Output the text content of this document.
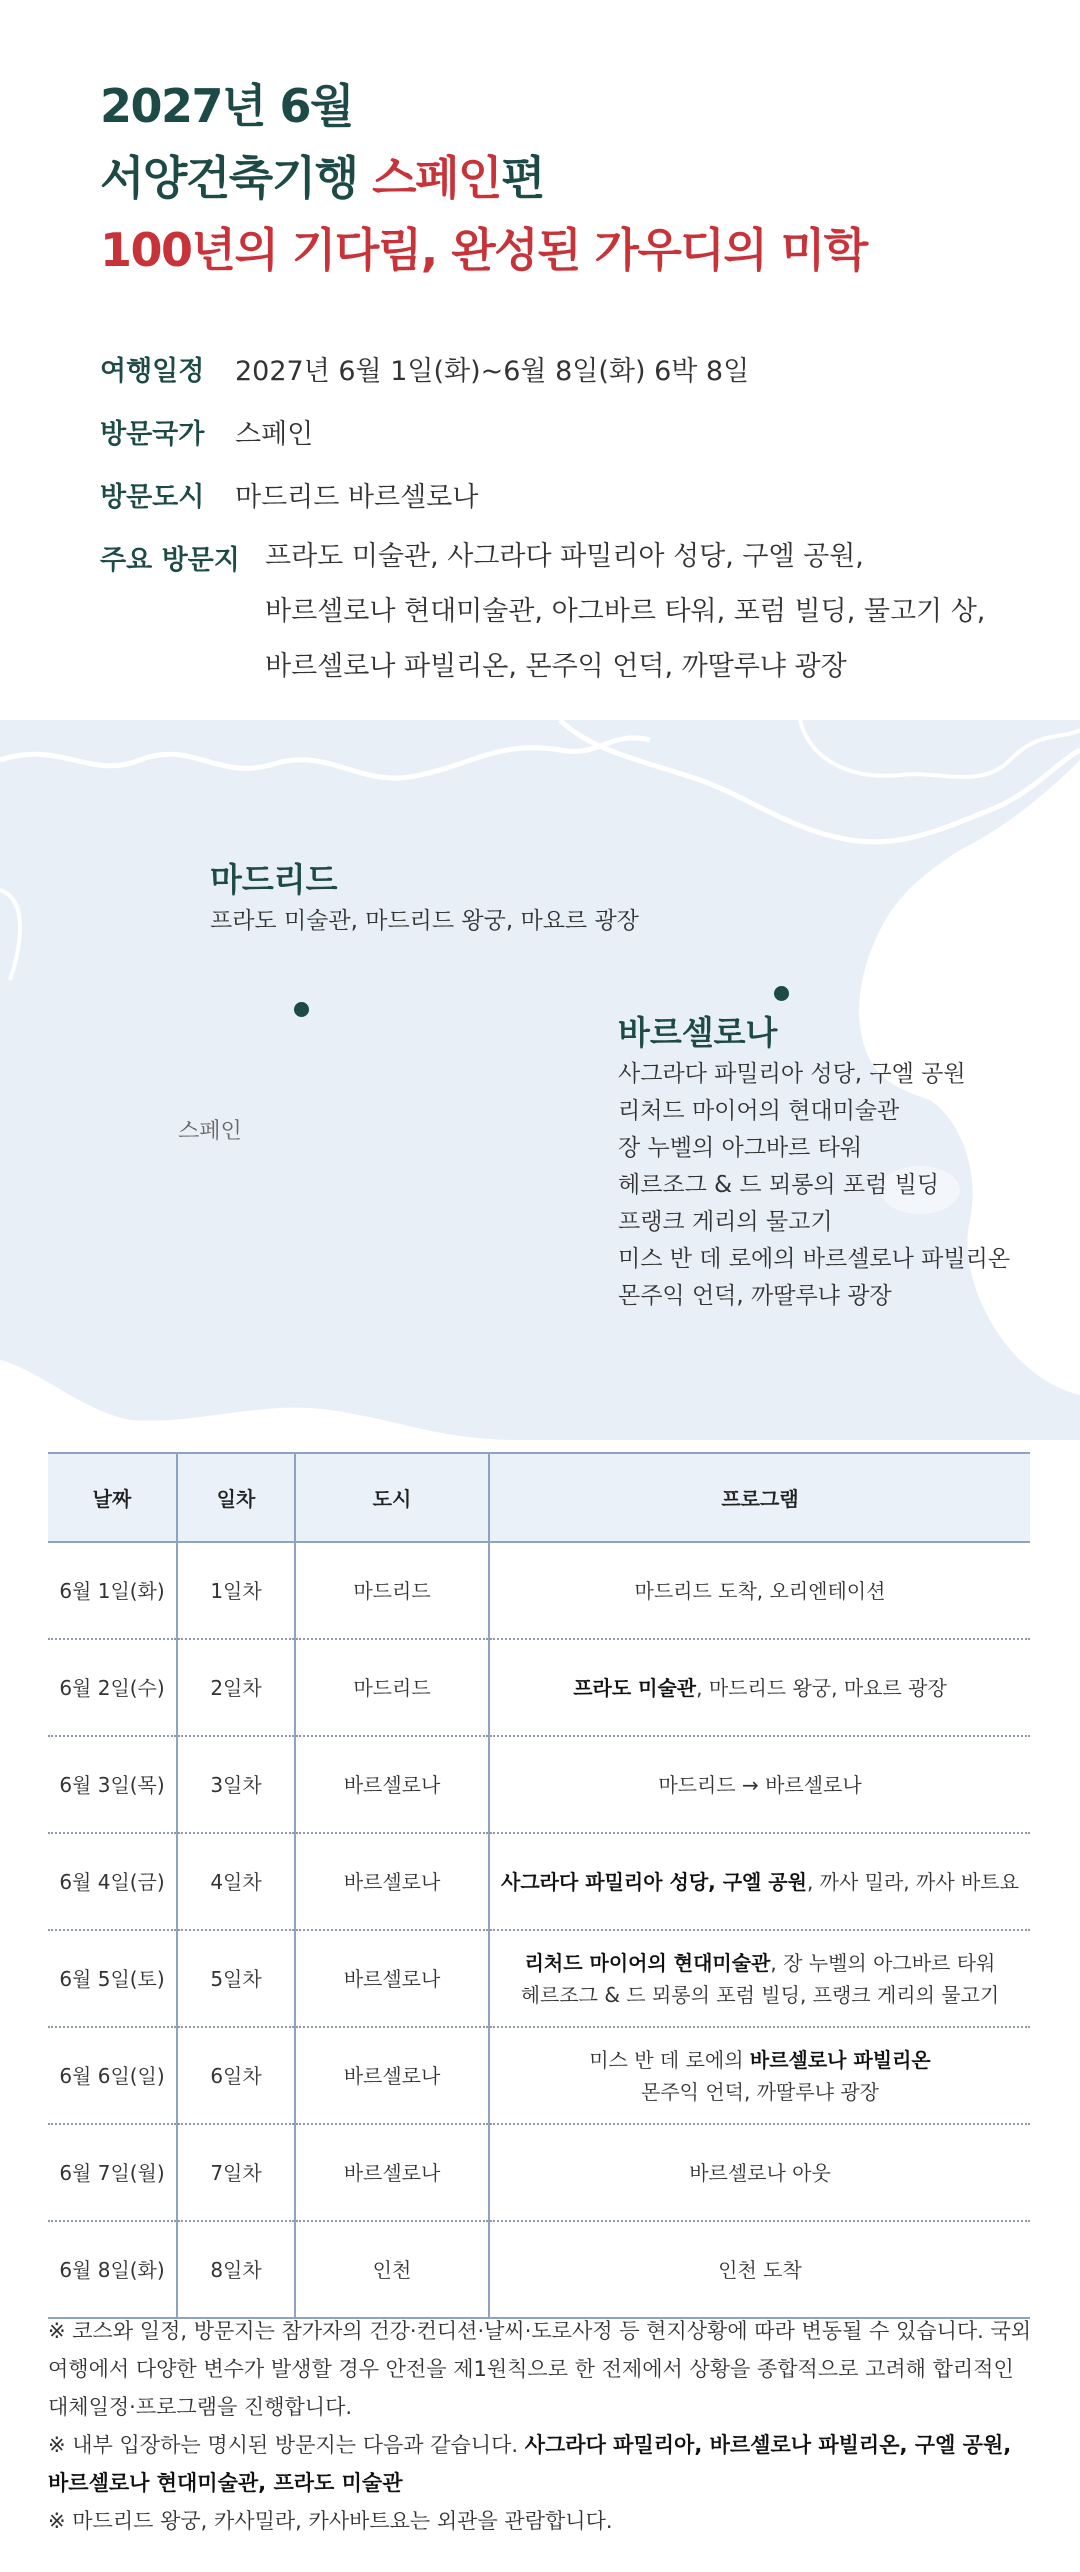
2027년 6월
서양건축기행 스페인편
100년의 기다림, 완성된 가우디의 미학
여행일정	2027년 6월 1일(화)~6월 8일(화) 6박 8일
방문국가	스페인
방문도시	마드리드 바르셀로나
주요 방문지 프라도 미술관, 사그라다 파밀리아 성당, 구엘 공원,
바르셀로나 현대미술관, 아그바르 타워, 포럼 빌딩, 물고기 상,
바르셀로나 파빌리온, 몬주익 언덕, 까딸루냐 광장
마드리드
프라도 미술관, 마드리드 왕궁, 마요르 광장
바르셀로나
사그라다 파밀리아 성당, 구엘 공원
리처드 마이어의 현대미술관
장 누벨의 아그바르 타워
헤르조그 & 드 뫼롱의 포럼 빌딩
프랭크 게리의 물고기
미스 반 데 로에의 바르셀로나 파빌리온
몬주익 언덕, 까딸루냐 광장
스페인
날짜	일차	도시	프로그램
6월 1일(화)	1일차	마드리드	마드리드 도착, 오리엔테이션
6월 2일(수)	2일차	마드리드	프라도 미술관, 마드리드 왕궁, 마요르 광장
6월 3일(목)	3일차	바르셀로나	마드리드 → 바르셀로나
6월 4일(금)	4일차	바르셀로나	사그라다 파밀리아 성당, 구엘 공원, 까사 밀라, 까사 바트요
6월 5일(토)	5일차	바르셀로나	리처드 마이어의 현대미술관, 장 누벨의 아그바르 타워
헤르조그 & 드 뫼롱의 포럼 빌딩, 프랭크 게리의 물고기
6월 6일(일)	6일차	바르셀로나	미스 반 데 로에의 바르셀로나 파빌리온
몬주익 언덕, 까딸루냐 광장
6월 7일(월)	7일차	바르셀로나	바르셀로나 아웃
6월 8일(화)	8일차	인천	인천 도착

※ 코스와 일정, 방문지는 참가자의 건강·컨디션·날씨·도로사정 등 현지상황에 따라 변동될 수 있습니다. 국외여행에서 다양한 변수가 발생할 경우 안전을 제1원칙으로 한 전제에서 상황을 종합적으로 고려해 합리적인 대체일정·프로그램을 진행합니다.

※ 내부 입장하는 명시된 방문지는 다음과 같습니다. 사그라다 파밀리아, 바르셀로나 파빌리온, 구엘 공원, 바르셀로나 현대미술관, 프라도 미술관

※ 마드리드 왕궁, 카사밀라, 카사바트요는 외관을 관람합니다.
